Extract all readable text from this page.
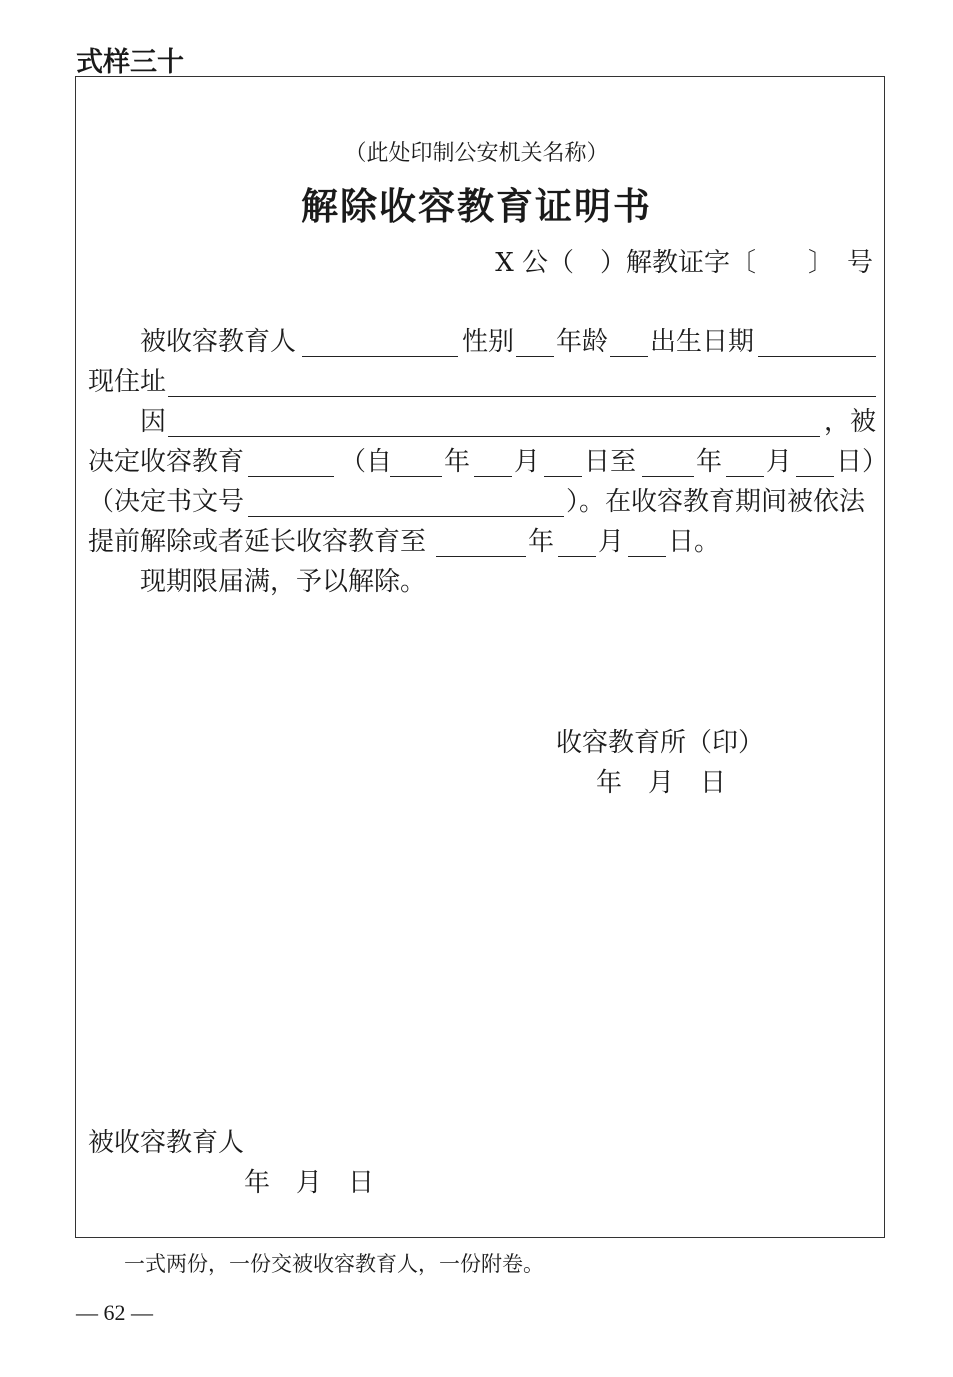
式样三十
（此处印制公安机关名称）
解除收容教育证明书
X 公（　）解教证字〔　　〕　号
被收容教育人	性别 年龄 出生日期
现住址
因	，被
决定收容教育	（自 年 月 日至 年 月 日）
（决定书文号	）。在收容教育期间被依法
提前解除或者延长收容教育至	年 月 日。
现期限届满，予以解除。
收容教育所（印）
年　月　日
被收容教育人
年　月　日
一式两份，一份交被收容教育人，一份附卷。
— 62 —
